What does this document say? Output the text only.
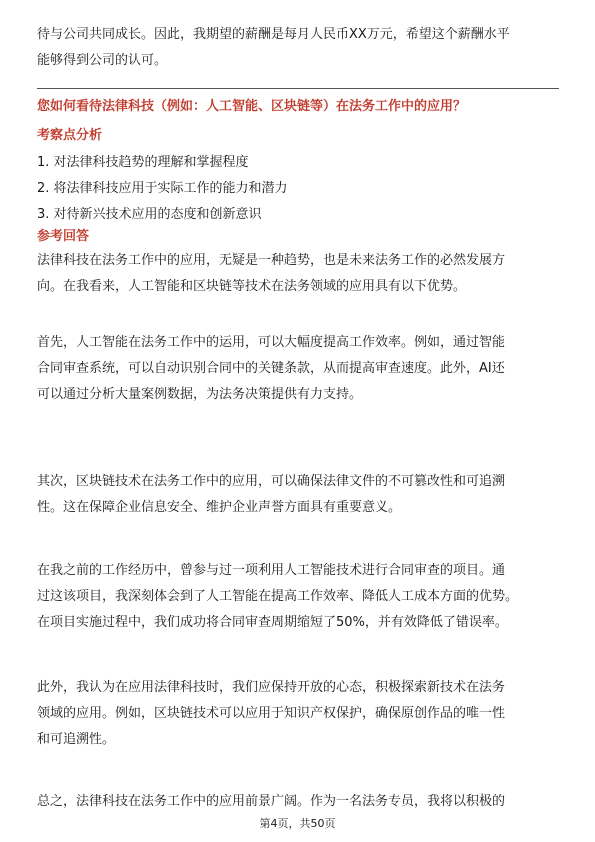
待与公司共同成长。因此，我期望的薪酬是每月人民币XX万元，希望这个薪酬水平

能够得到公司的认可。

您如何看待法律科技（例如：人工智能、区块链等）在法务工作中的应用？
考察点分析
1. 对法律科技趋势的理解和掌握程度
2. 将法律科技应用于实际工作的能力和潜力
3. 对待新兴技术应用的态度和创新意识
参考回答

法律科技在法务工作中的应用，无疑是一种趋势，也是未来法务工作的必然发展方

向。在我看来，人工智能和区块链等技术在法务领域的应用具有以下优势。

首先，人工智能在法务工作中的运用，可以大幅度提高工作效率。例如，通过智能

合同审查系统，可以自动识别合同中的关键条款，从而提高审查速度。此外，AI还

可以通过分析大量案例数据，为法务决策提供有力支持。

其次，区块链技术在法务工作中的应用，可以确保法律文件的不可篡改性和可追溯

性。这在保障企业信息安全、维护企业声誉方面具有重要意义。

在我之前的工作经历中，曾参与过一项利用人工智能技术进行合同审查的项目。通

过这该项目，我深刻体会到了人工智能在提高工作效率、降低人工成本方面的优势。

在项目实施过程中，我们成功将合同审查周期缩短了50%，并有效降低了错误率。

此外，我认为在应用法律科技时，我们应保持开放的心态，积极探索新技术在法务

领域的应用。例如，区块链技术可以应用于知识产权保护，确保原创作品的唯一性

和可追溯性。

总之，法律科技在法务工作中的应用前景广阔。作为一名法务专员，我将以积极的

第4页，共50页
